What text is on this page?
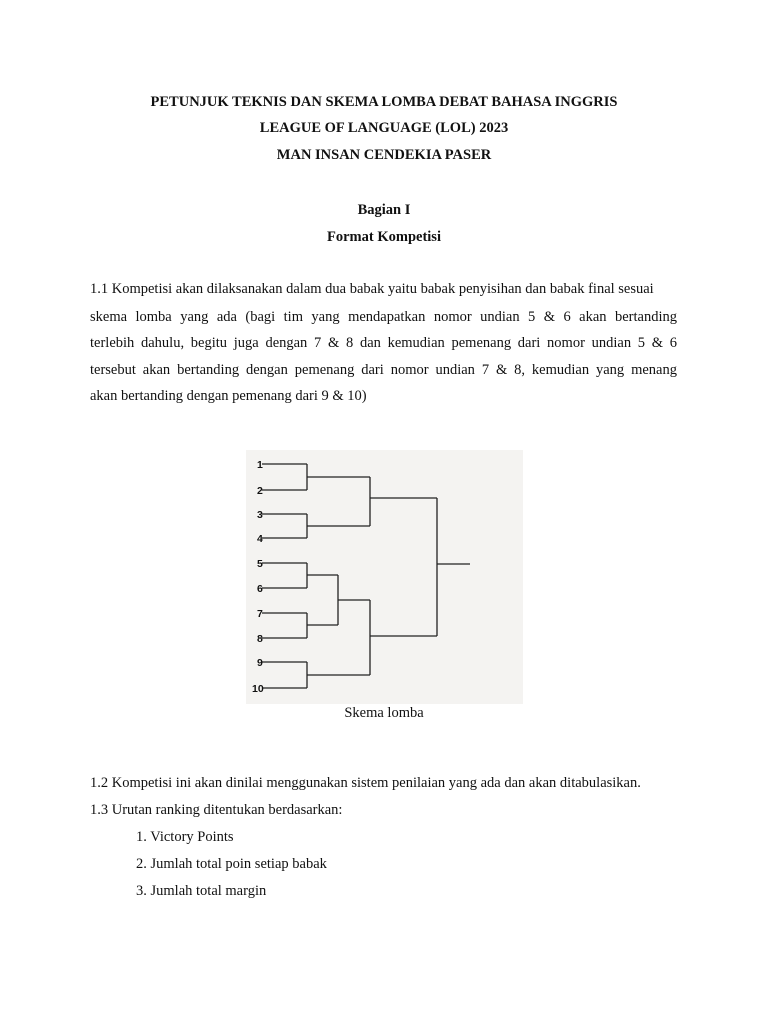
PETUNJUK TEKNIS DAN SKEMA LOMBA DEBAT BAHASA INGGRIS

LEAGUE OF LANGUAGE (LOL) 2023

MAN INSAN CENDEKIA PASER

Bagian I

Format Kompetisi

1.1 Kompetisi akan dilaksanakan dalam dua babak yaitu babak penyisihan dan babak final sesuai

skema lomba yang ada (bagi tim yang mendapatkan nomor undian 5 & 6 akan bertanding

terlebih dahulu, begitu juga dengan 7 & 8 dan kemudian pemenang dari nomor undian 5 & 6

tersebut akan bertanding dengan pemenang dari nomor undian 7 & 8, kemudian yang menang

akan bertanding dengan pemenang dari 9 & 10)

1
2
3
4
5
6
7
8
9
10

Skema lomba

1.2 Kompetisi ini akan dinilai menggunakan sistem penilaian yang ada dan akan ditabulasikan.

1.3 Urutan ranking ditentukan berdasarkan:

1. Victory Points

2. Jumlah total poin setiap babak

3. Jumlah total margin
